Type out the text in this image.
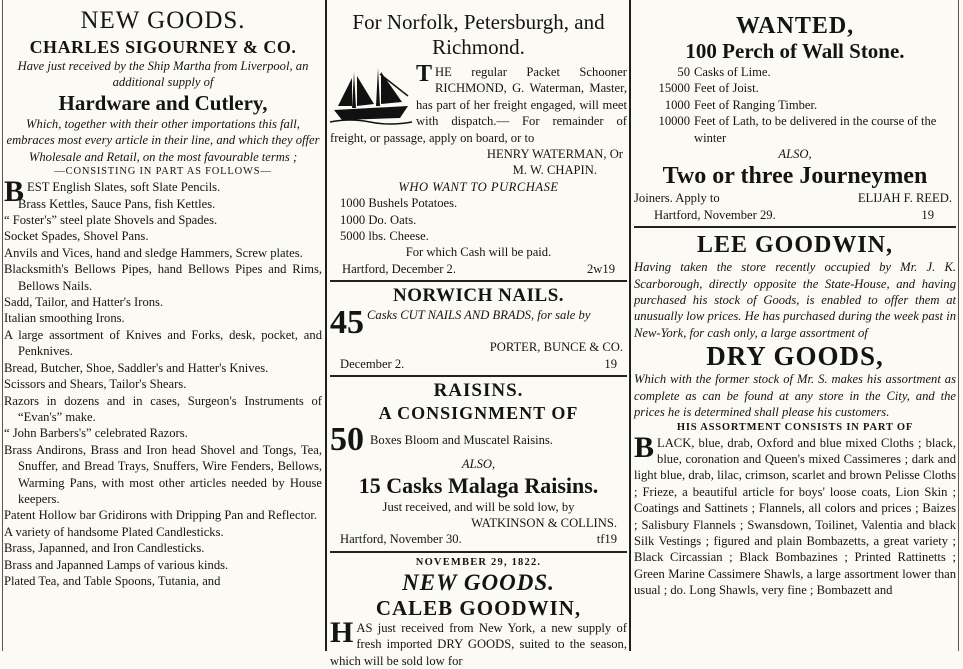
NEW GOODS.
CHARLES SIGOURNEY & CO.
Have just received by the Ship Martha from Liverpool, an additional supply of
Hardware and Cutlery,
Which, together with their other importations this fall, embraces most every article in their line, and which they offer Wholesale and Retail, on the most favourable terms ;
—CONSISTING IN PART AS FOLLOWS—
B EST English Slates, soft Slate Pencils.
Brass Kettles, Sauce Pans, fish Kettles.
“ Foster's” steel plate Shovels and Spades.
Socket Spades, Shovel Pans.
Anvils and Vices, hand and sledge Hammers, Screw plates.
Blacksmith's Bellows Pipes, hand Bellows Pipes and Rims, Bellows Nails.
Sadd, Tailor, and Hatter's Irons.
Italian smoothing Irons.
A large assortment of Knives and Forks, desk, pocket, and Penknives.
Bread, Butcher, Shoe, Saddler's and Hatter's Knives.
Scissors and Shears, Tailor's Shears.
Razors in dozens and in cases, Surgeon's Instruments of “Evan's” make.
“ John Barbers's” celebrated Razors.
Brass Andirons, Brass and Iron head Shovel and Tongs, Tea, Snuffer, and Bread Trays, Snuffers, Wire Fenders, Bellows, Warming Pans, with most other articles needed by House keepers.
Patent Hollow bar Gridirons with Dripping Pan and Reflector.
A variety of handsome Plated Candlesticks.
Brass, Japanned, and Iron Candlesticks.
Brass and Japanned Lamps of various kinds.
Plated Tea, and Table Spoons, Tutania, and
For Norfolk, Petersburgh, and Richmond.
T HE regular Packet Schooner RICHMOND, G. Waterman, Master, has part of her freight engaged, will meet with dispatch.— For remainder of freight, or passage, apply on board, or to
HENRY WATERMAN, Or
M. W. CHAPIN.
WHO WANT TO PURCHASE
1000 Bushels Potatoes.
1000 Do. Oats.
5000 lbs. Cheese.
For which Cash will be paid.
Hartford, December 2.	2w19
NORWICH NAILS.
45 Casks CUT NAILS AND BRADS, for sale by
PORTER, BUNCE & CO.
December 2.	19
RAISINS.
A CONSIGNMENT OF
50 Boxes Bloom and Muscatel Raisins.
ALSO,
15 Casks Malaga Raisins.
Just received, and will be sold low, by
WATKINSON & COLLINS.
Hartford, November 30.	tf19
NOVEMBER 29, 1822.
NEW GOODS.
CALEB GOODWIN,
H AS just received from New York, a new supply of fresh imported DRY GOODS, suited to the season, which will be sold low for
WANTED,
100 Perch of Wall Stone.
50 Casks of Lime.
15000 Feet of Joist.
1000 Feet of Ranging Timber.
10000 Feet of Lath, to be delivered in the course of the winter
ALSO,
Two or three Journeymen
Joiners. Apply to	ELIJAH F. REED.
Hartford, November 29.	19
LEE GOODWIN,
Having taken the store recently occupied by Mr. J. K. Scarborough, directly opposite the State-House, and having purchased his stock of Goods, is enabled to offer them at unusually low prices. He has purchased during the week past in New-York, for cash only, a large assortment of
DRY GOODS,
Which with the former stock of Mr. S. makes his assortment as complete as can be found at any store in the City, and the prices he is determined shall please his customers.
HIS ASSORTMENT CONSISTS IN PART OF
B LACK, blue, drab, Oxford and blue mixed Cloths ; black, blue, coronation and Queen's mixed Cassimeres ; dark and light blue, drab, lilac, crimson, scarlet and brown Pelisse Cloths ; Frieze, a beautiful article for boys' loose coats, Lion Skin ; Coatings and Sattinets ; Flannels, all colors and prices ; Baizes ; Salisbury Flannels ; Swansdown, Toilinet, Valentia and black Silk Vestings ; figured and plain Bombazetts, a great variety ; Black Circassian ; Black Bombazines ; Printed Rattinetts ; Green Marine Cassimere Shawls, a large assortment lower than usual ; do. Long Shawls, very fine ; Bombazett and
